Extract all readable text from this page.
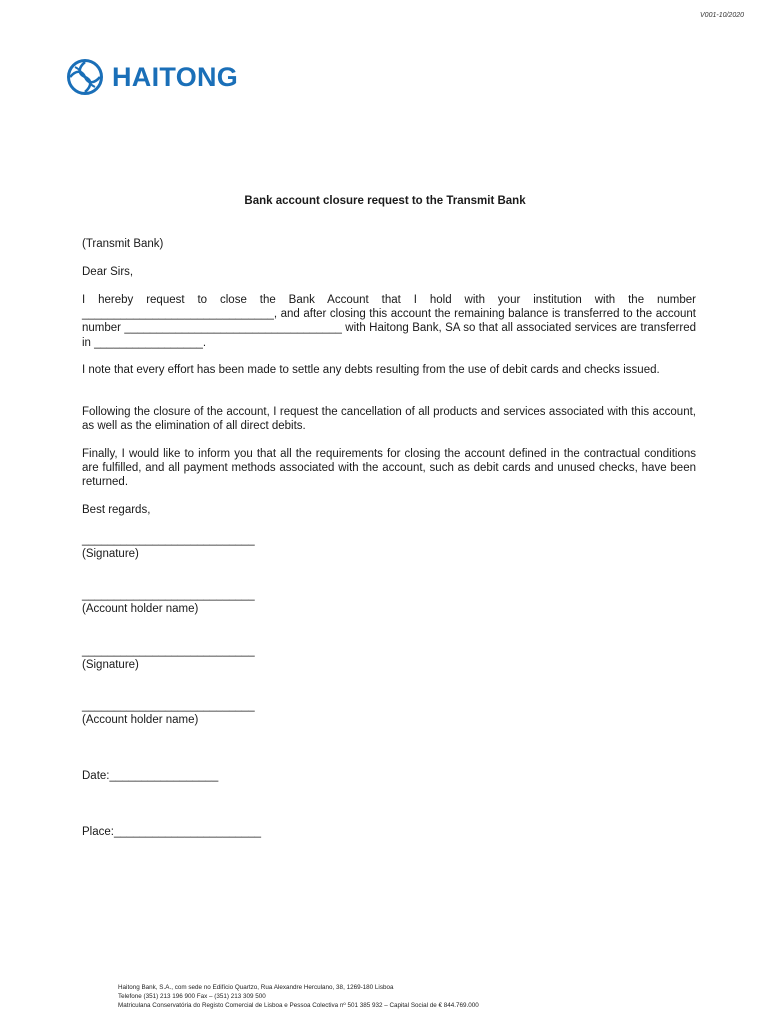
V001-10/2020
HAITONG
Bank account closure request to the Transmit Bank

(Transmit Bank)

Dear Sirs,

I hereby request to close the Bank Account that I hold with your institution with the number ______________________________, and after closing this account the remaining balance is transferred to the account number __________________________________ with Haitong Bank, SA so that all associated services are transferred in _________________.

I note that every effort has been made to settle any debts resulting from the use of debit cards and checks issued.

Following the closure of the account, I request the cancellation of all products and services associated with this account, as well as the elimination of all direct debits.

Finally, I would like to inform you that all the requirements for closing the account defined in the contractual conditions are fulfilled, and all payment methods associated with the account, such as debit cards and unused checks, have been returned.

Best regards,

___________________________
(Signature)
___________________________
(Account holder name)
___________________________
(Signature)
___________________________
(Account holder name)
Date:_________________
Place:_______________________
Haitong Bank, S.A., com sede no Edifício Quartzo, Rua Alexandre Herculano, 38, 1269-180 Lisboa
Telefone (351) 213 196 900 Fax – (351) 213 309 500
Matriculana Conservatória do Registo Comercial de Lisboa e Pessoa Colectiva nº 501 385 932 – Capital Social de € 844.769.000
